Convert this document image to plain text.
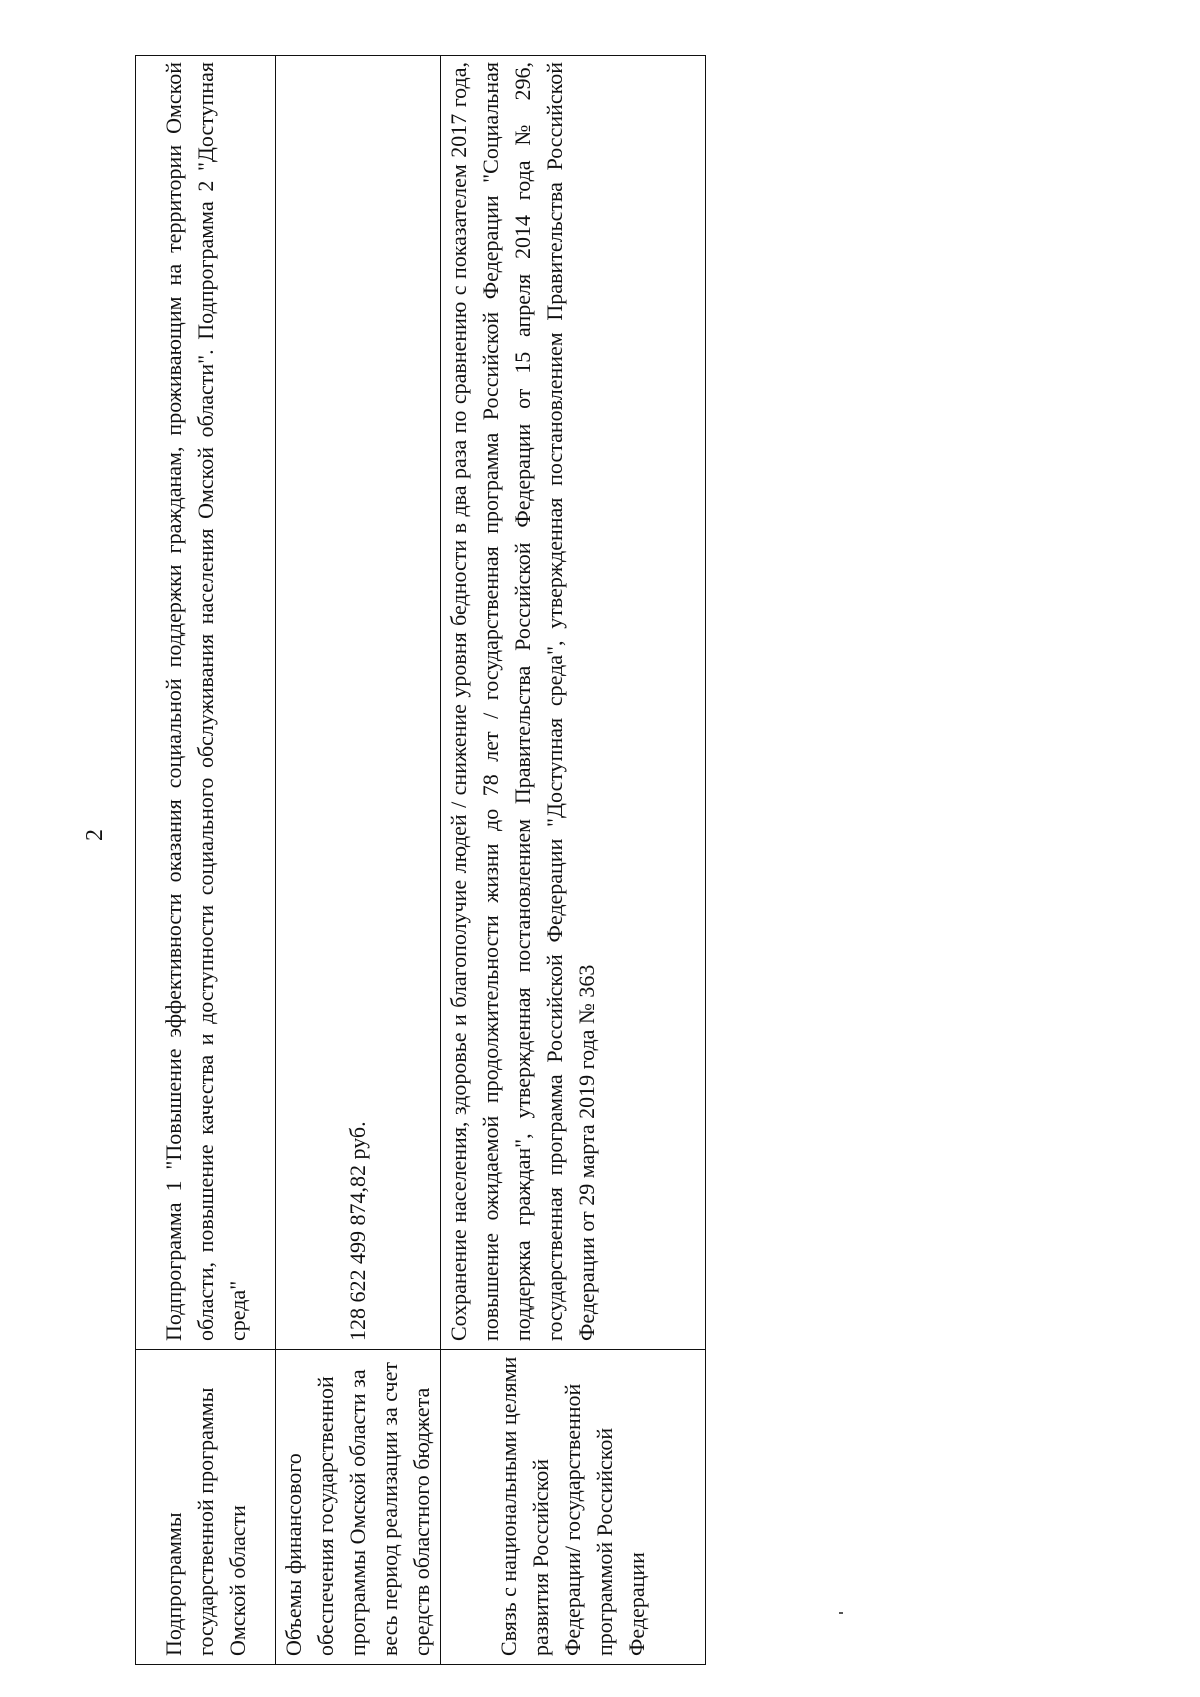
2

Подпрограммы государственной программы Омской области	Подпрограмма 1 "Повышение эффективности оказания социальной поддержки гражданам, проживающим на территории Омской области, повышение качества и доступности социального обслуживания населения Омской области". Подпрограмма 2 "Доступная среда"

Объемы финансового обеспечения государственной программы Омской области за весь период реализации за счет средств областного бюджета	128 622 499 874,82 руб.

Связь с национальными целями развития Российской Федерации/ государственной программой Российской Федерации	Сохранение населения, здоровье и благополучие людей / снижение уровня бедности в два раза по сравнению с показателем 2017 года, повышение ожидаемой продолжительности жизни до 78 лет / государственная программа Российской Федерации "Социальная поддержка граждан", утвержденная постановлением Правительства Российской Федерации от 15 апреля 2014 года № 296, государственная программа Российской Федерации "Доступная среда", утвержденная постановлением Правительства Российской Федерации от 29 марта 2019 года № 363
